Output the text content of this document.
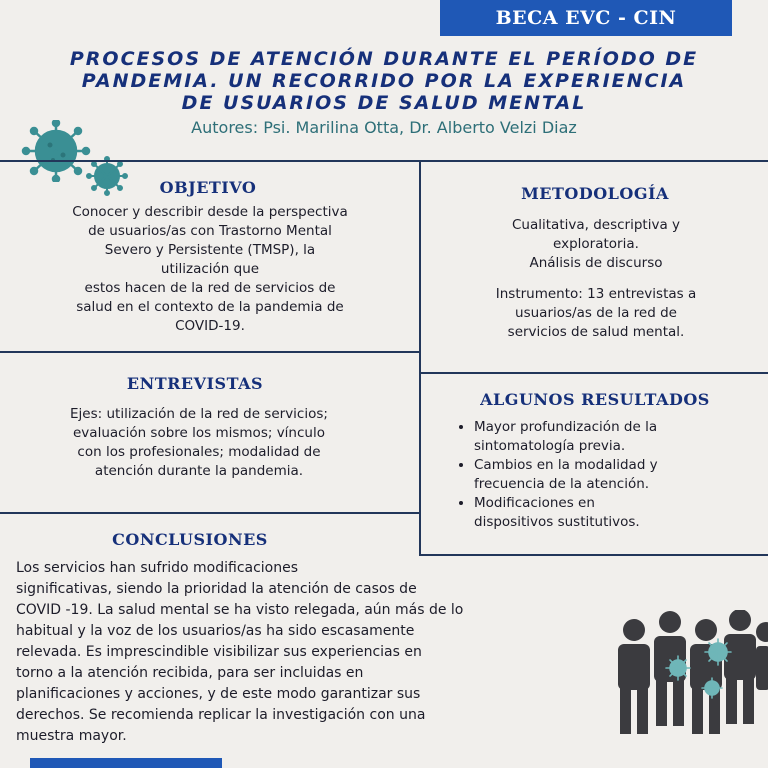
BECA EVC - CIN
PROCESOS DE ATENCIÓN DURANTE EL PERÍODO DE
PANDEMIA. UN RECORRIDO POR LA EXPERIENCIA
DE USUARIOS DE SALUD MENTAL
Autores: Psi. Marilina Otta, Dr. Alberto Velzi Diaz
OBJETIVO
Conocer y describir desde la perspectiva
de usuarios/as con Trastorno Mental
Severo y Persistente (TMSP), la
utilización que
estos hacen de la red de servicios de
salud en el contexto de la pandemia de
COVID-19.
METODOLOGÍA
Cualitativa, descriptiva y
exploratoria.
Análisis de discurso
Instrumento: 13 entrevistas a
usuarios/as de la red de
servicios de salud mental.
ENTREVISTAS
Ejes: utilización de la red de servicios;
evaluación sobre los mismos; vínculo
con los profesionales; modalidad de
atención durante la pandemia.
ALGUNOS RESULTADOS
• Mayor profundización de la
sintomatología previa.
• Cambios en la modalidad y
frecuencia de la atención.
• Modificaciones en
dispositivos sustitutivos.
CONCLUSIONES
Los servicios han sufrido modificaciones
significativas, siendo la prioridad la atención de casos de
COVID -19. La salud mental se ha visto relegada, aún más de lo
habitual y la voz de los usuarios/as ha sido escasamente
relevada. Es imprescindible visibilizar sus experiencias en
torno a la atención recibida, para ser incluidas en
planificaciones y acciones, y de este modo garantizar sus
derechos. Se recomienda replicar la investigación con una
muestra mayor.
